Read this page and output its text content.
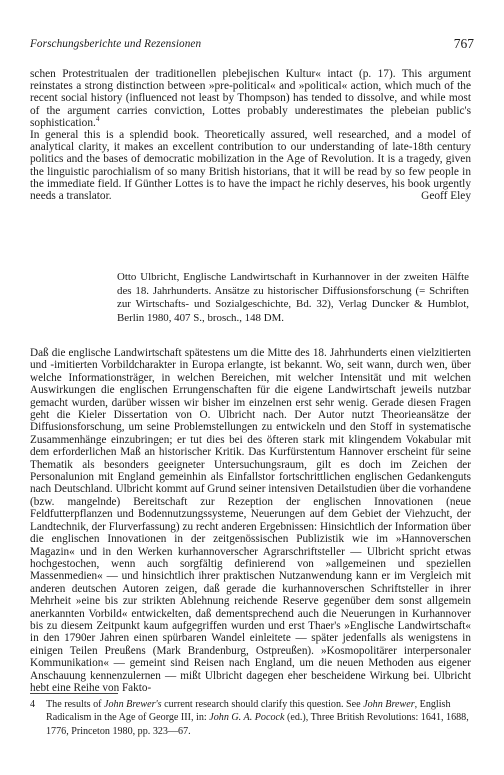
Forschungsberichte und Rezensionen	767

schen Protestritualen der traditionellen plebejischen Kultur« intact (p. 17). This argument reinstates a strong distinction between »pre-political« and »political« action, which much of the recent social history (influenced not least by Thompson) has tended to dissolve, and while most of the argument carries conviction, Lottes probably underestimates the plebeian public's sophistication.$^4$

In general this is a splendid book. Theoretically assured, well researched, and a model of analytical clarity, it makes an excellent contribution to our understanding of late-18th century politics and the bases of democratic mobilization in the Age of Revolution. It is a tragedy, given the linguistic parochialism of so many British historians, that it will be read by so few people in the immediate field. If Günther Lottes is to have the impact he richly deserves, his book urgently needs a translator.	Geoff Eley

Otto Ulbricht, Englische Landwirtschaft in Kurhannover in der zweiten Hälfte des 18. Jahrhunderts. Ansätze zu historischer Diffusionsforschung (= Schriften zur Wirtschafts- und Sozialgeschichte, Bd. 32), Verlag Duncker & Humblot, Berlin 1980, 407 S., brosch., 148 DM.

Daß die englische Landwirtschaft spätestens um die Mitte des 18. Jahrhunderts einen vielzitierten und -imitierten Vorbildcharakter in Europa erlangte, ist bekannt. Wo, seit wann, durch wen, über welche Informationsträger, in welchen Bereichen, mit welcher Intensität und mit welchen Auswirkungen die englischen Errungenschaften für die eigene Landwirtschaft jeweils nutzbar gemacht wurden, darüber wissen wir bisher im einzelnen erst sehr wenig. Gerade diesen Fragen geht die Kieler Dissertation von O. Ulbricht nach. Der Autor nutzt Theorieansätze der Diffusionsforschung, um seine Problemstellungen zu entwickeln und den Stoff in systematische Zusammenhänge einzubringen; er tut dies bei des öfteren stark mit klingendem Vokabular mit dem erforderlichen Maß an historischer Kritik. Das Kurfürstentum Hannover erscheint für seine Thematik als besonders geeigneter Untersuchungsraum, gilt es doch im Zeichen der Personalunion mit England gemeinhin als Einfallstor fortschrittlichen englischen Gedankenguts nach Deutschland. Ulbricht kommt auf Grund seiner intensiven Detailstudien über die vorhandene (bzw. mangelnde) Bereitschaft zur Rezeption der englischen Innovationen (neue Feldfutterpflanzen und Bodennutzungssysteme, Neuerungen auf dem Gebiet der Viehzucht, der Landtechnik, der Flurverfassung) zu recht anderen Ergebnissen: Hinsichtlich der Information über die englischen Innovationen in der zeitgenössischen Publizistik wie im »Hannoverschen Magazin« und in den Werken kurhannoverscher Agrarschriftsteller — Ulbricht spricht etwas hochgestochen, wenn auch sorgfältig definierend von »allgemeinen und speziellen Massenmedien« — und hinsichtlich ihrer praktischen Nutzanwendung kann er im Vergleich mit anderen deutschen Autoren zeigen, daß gerade die kurhannoverschen Schriftsteller in ihrer Mehrheit »eine bis zur strikten Ablehnung reichende Reserve gegenüber dem sonst allgemein anerkannten Vorbild« entwickelten, daß dementsprechend auch die Neuerungen in Kurhannover bis zu diesem Zeitpunkt kaum aufgegriffen wurden und erst Thaer's »Englische Landwirtschaft« in den 1790er Jahren einen spürbaren Wandel einleitete — später jedenfalls als wenigstens in einigen Teilen Preußens (Mark Brandenburg, Ostpreußen). »Kosmopolitärer interpersonaler Kommunikation« — gemeint sind Reisen nach England, um die neuen Methoden aus eigener Anschauung kennenzulernen — mißt Ulbricht dagegen eher bescheidene Wirkung bei. Ulbricht hebt eine Reihe von Fakto-

4 The results of John Brewer's current research should clarify this question. See John Brewer, English Radicalism in the Age of George III, in: John G. A. Pocock (ed.), Three British Revolutions: 1641, 1688, 1776, Princeton 1980, pp. 323—67.
